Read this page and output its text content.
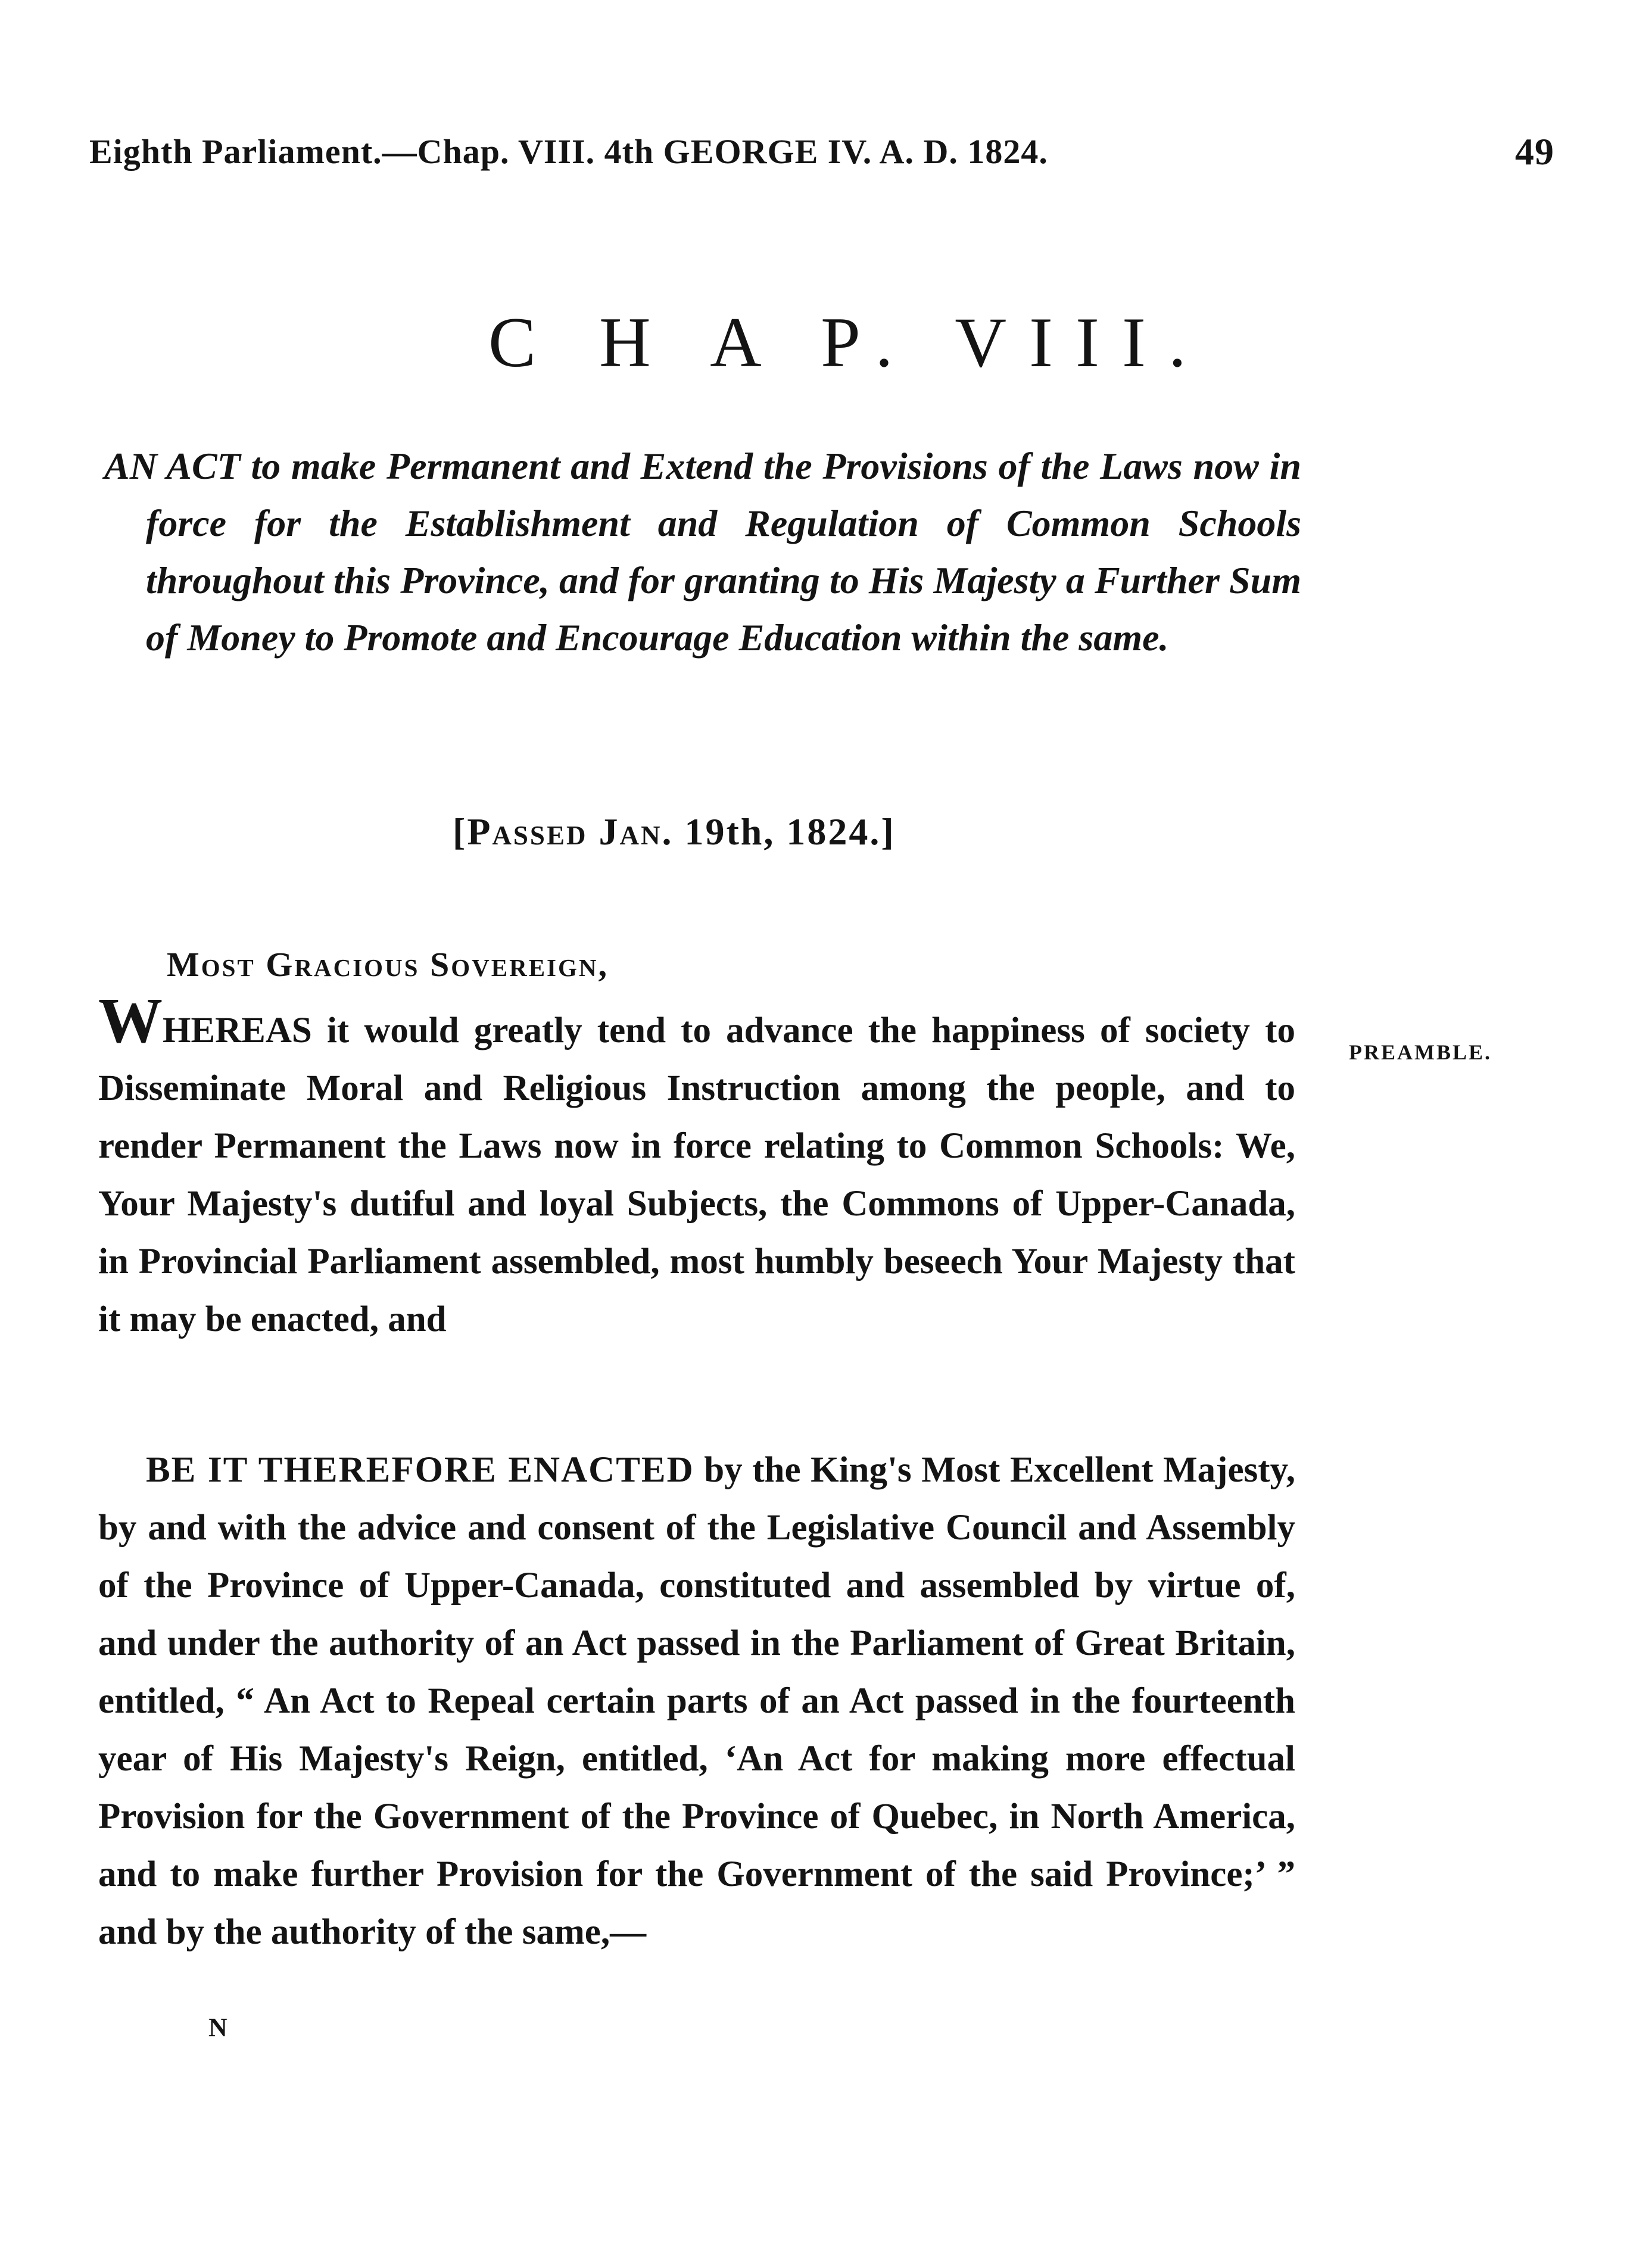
Eighth Parliament.—Chap. VIII. 4th GEORGE IV. A. D. 1824.	49
C H A P. VIII.
AN ACT to make Permanent and Extend the Provisions of the Laws now in force for the Establishment and Regulation of Common Schools throughout this Province, and for granting to His Majesty a Further Sum of Money to Promote and Encourage Education within the same.
[Passed Jan. 19th, 1824.]
Most Gracious Sovereign,
WHEREAS it would greatly tend to advance the happiness of society to Disseminate Moral and Religious Instruction among the people, and to render Permanent the Laws now in force relating to Common Schools: We, Your Majesty's dutiful and loyal Subjects, the Commons of Upper-Canada, in Provincial Parliament assembled, most humbly beseech Your Majesty that it may be enacted, and
PREAMBLE.
BE IT THEREFORE ENACTED by the King's Most Excellent Majesty, by and with the advice and consent of the Legislative Council and Assembly of the Province of Upper-Canada, constituted and assembled by virtue of, and under the authority of an Act passed in the Parliament of Great Britain, entitled, “ An Act to Repeal certain parts of an Act passed in the fourteenth year of His Majesty's Reign, entitled, ‘An Act for making more effectual Provision for the Government of the Province of Quebec, in North America, and to make further Provision for the Government of the said Province;’ ” and by the authority of the same,—
N
